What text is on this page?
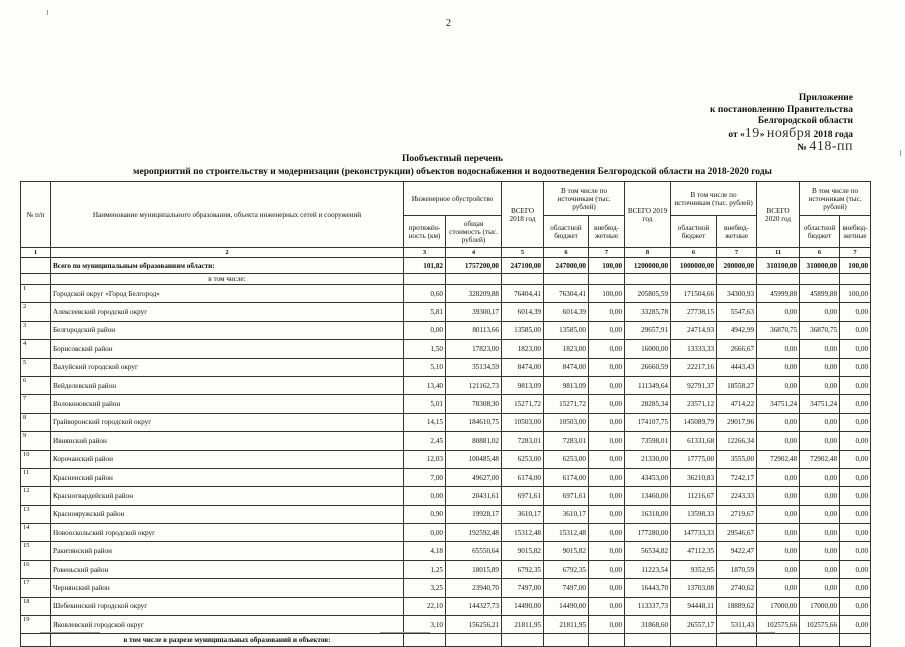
2
Приложение
к постановлению Правительства
Белгородской области
от «19» ноября 2018 года
№ 418-пп
Пообъектный перечень
мероприятий по строительству и модернизации (реконструкции) объектов водоснабжения и водоотведения Белгородской области на 2018-2020 годы
№ п/п	Наименование муниципального образования, объекта инженерных сетей и сооружений	Инженерное обустройство		ВСЕГО 2018 год	В том числе по источникам (тыс. рублей)		ВСЕГО 2019 год	В том числе по источникам (тыс. рублей)		ВСЕГО 2020 год	В том числе по источникам (тыс. рублей)	
		протяжён-ность (км)	общая стоимость (тыс. рублей)		областной бюджет	внебюд-жетные		областной бюджет	внебюд-жетные		областной бюджет	внебюд-жетные
1	2	3	4	5	6	7	8	6	7	11	6	7
	Всего по муниципальным образованиям области:	101,82	1757200,00	247100,00	247000,00	100,00	1200000,00	1000000,00	200000,00	310100,00	310000,00	100,00
	в том числе:											
1	Городской округ «Город Белгород»	0,60	328209,88	76404,41	76304,41	100,00	205805,59	171504,66	34300,93	45999,88	45899,88	100,00
2	Алексеевский городской округ	5,81	39300,17	6014,39	6014,39	0,00	33285,78	27738,15	5547,63	0,00	0,00	0,00
3	Белгородский район	0,00	80113,66	13585,00	13585,00	0,00	29657,91	24714,93	4942,99	36870,75	36870,75	0,00
4	Борисовский район	1,50	17823,00	1823,00	1823,00	0,00	16000,00	13333,33	2666,67	0,00	0,00	0,00
5	Валуйский городской округ	5,10	35134,59	8474,00	8474,00	0,00	26660,59	22217,16	4443,43	0,00	0,00	0,00
6	Вейделевский район	13,40	121162,73	9813,09	9813,09	0,00	111349,64	92791,37	18558,27	0,00	0,00	0,00
7	Волоконовский район	5,01	78308,30	15271,72	15271,72	0,00	28285,34	23571,12	4714,22	34751,24	34751,24	0,00
8	Грайворонский городской округ	14,15	184610,75	10503,00	10503,00	0,00	174107,75	145089,79	29017,96	0,00	0,00	0,00
9	Ивнянский район	2,45	80881,02	7283,01	7283,01	0,00	73598,01	61331,68	12266,34	0,00	0,00	0,00
10	Корочанский район	12,03	100485,48	6253,00	6253,00	0,00	21330,00	17775,00	3555,00	72902,48	72902,48	0,00
11	Красненский район	7,00	49627,00	6174,00	6174,00	0,00	43453,00	36210,83	7242,17	0,00	0,00	0,00
12	Красногвардейский район	0,00	20431,61	6971,61	6971,61	0,00	13460,00	11216,67	2243,33	0,00	0,00	0,00
13	Краснояружский район	0,90	19928,17	3610,17	3610,17	0,00	16318,00	13598,33	2719,67	0,00	0,00	0,00
14	Новооскольский городской округ	0,00	192592,48	15312,48	15312,48	0,00	177280,00	147733,33	29546,67	0,00	0,00	0,00
15	Ракитянский район	4,18	65550,64	9015,82	9015,82	0,00	56534,82	47112,35	9422,47	0,00	0,00	0,00
16	Ровеньский район	1,25	18015,89	6792,35	6792,35	0,00	11223,54	9352,95	1870,59	0,00	0,00	0,00
17	Чернянский район	3,25	23940,70	7497,00	7497,00	0,00	16443,70	13703,08	2740,62	0,00	0,00	0,00
18	Шебекинский городской округ	22,10	144327,73	14490,00	14490,00	0,00	113337,73	94448,11	18889,62	17000,00	17000,00	0,00
19	Яковлевский городской округ	3,10	156256,21	21811,95	21811,95	0,00	31868,60	26557,17	5311,43	102575,66	102575,66	0,00
	в том числе в разрезе муниципальных образований и объектов:											
